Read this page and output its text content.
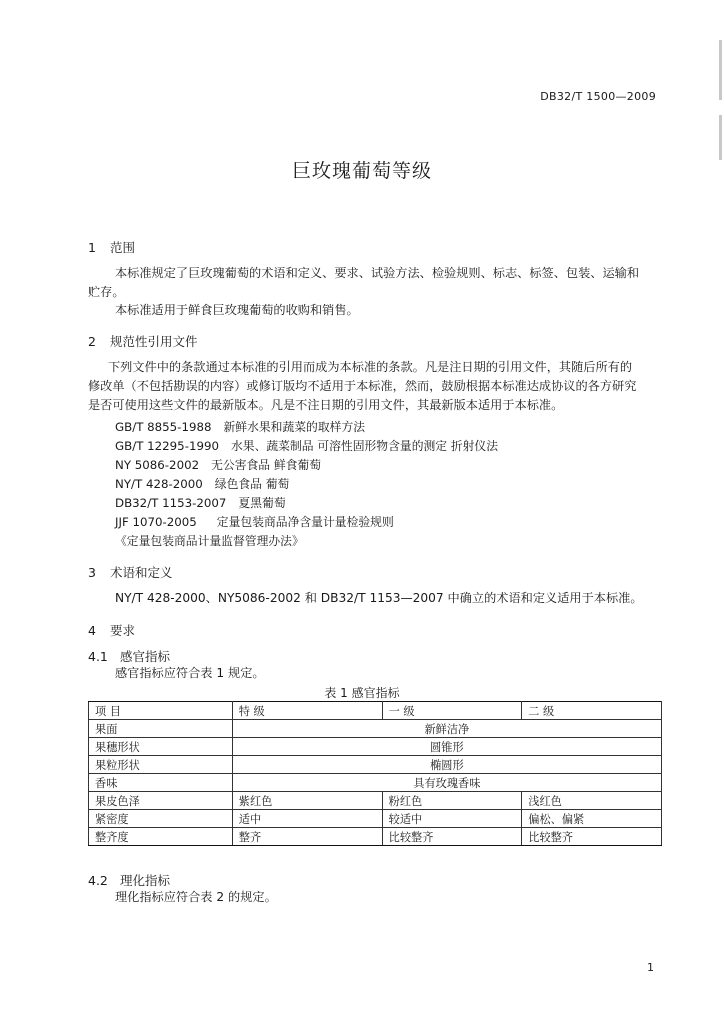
DB32/T 1500—2009
巨玫瑰葡萄等级
1 范围
本标准规定了巨玫瑰葡萄的术语和定义、要求、试验方法、检验规则、标志、标签、包装、运输和
贮存。
本标准适用于鲜食巨玫瑰葡萄的收购和销售。
2 规范性引用文件
下列文件中的条款通过本标准的引用而成为本标准的条款。凡是注日期的引用文件，其随后所有的
修改单（不包括勘误的内容）或修订版均不适用于本标准，然而，鼓励根据本标准达成协议的各方研究
是否可使用这些文件的最新版本。凡是不注日期的引用文件，其最新版本适用于本标准。
GB/T 8855-1988 新鲜水果和蔬菜的取样方法
GB/T 12295-1990 水果、蔬菜制品 可溶性固形物含量的测定 折射仪法
NY 5086-2002 无公害食品 鲜食葡萄
NY/T 428-2000 绿色食品 葡萄
DB32/T 1153-2007 夏黑葡萄
JJF 1070-2005 定量包装商品净含量计量检验规则
《定量包装商品计量监督管理办法》
3 术语和定义
NY/T 428-2000、NY5086-2002 和 DB32/T 1153—2007 中确立的术语和定义适用于本标准。
4 要求
4.1 感官指标
感官指标应符合表 1 规定。
表 1 感官指标
项 目	特 级	一 级	二 级
果面	新鲜洁净		
果穗形状	圆锥形		
果粒形状	椭圆形		
香味	具有玫瑰香味		
果皮色泽	紫红色	粉红色	浅红色
紧密度	适中	较适中	偏松、偏紧
整齐度	整齐	比较整齐	比较整齐
4.2 理化指标
理化指标应符合表 2 的规定。
1
